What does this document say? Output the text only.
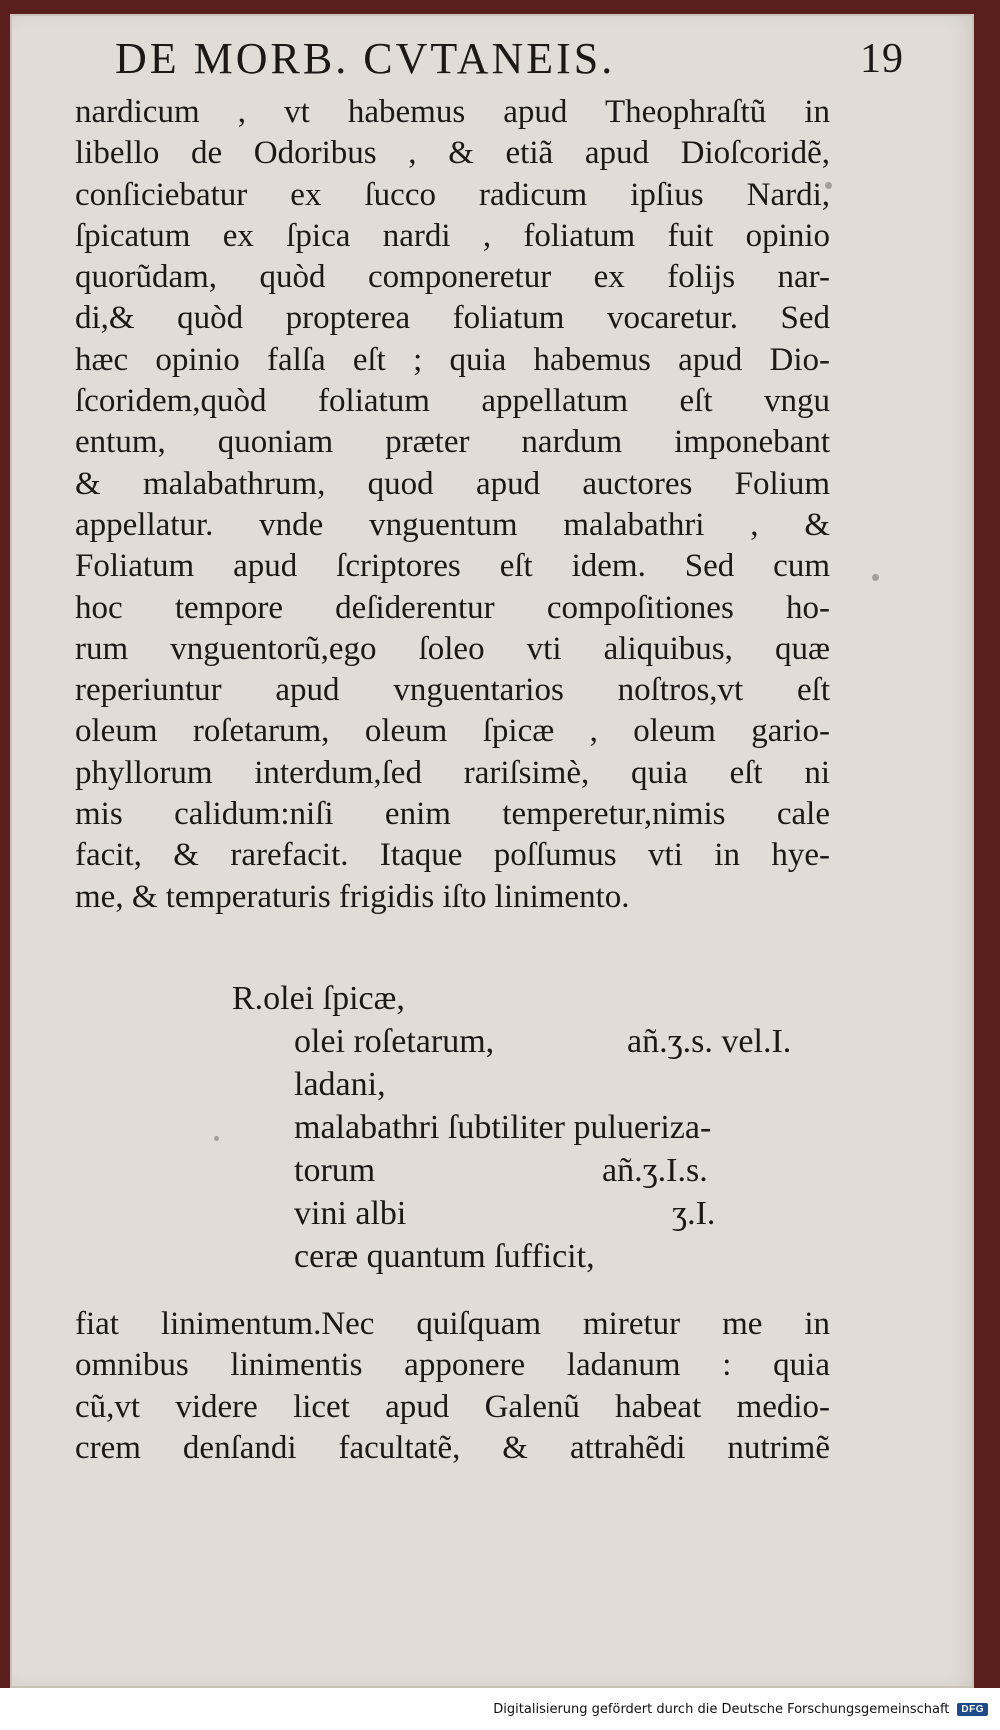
DE MORB. CVTANEIS.	19
nardicum , vt habemus apud Theophraſtũ in
libello de Odoribus , & etiã apud Dioſcoridẽ,
conſiciebatur ex ſucco radicum ipſius Nardi,
ſpicatum ex ſpica nardi , foliatum fuit opinio
quorũdam, quòd componeretur ex folijs nar-
di,& quòd propterea foliatum vocaretur. Sed
hæc opinio falſa eſt ; quia habemus apud Dio-
ſcoridem,quòd foliatum appellatum eſt vngu
entum, quoniam præter nardum imponebant
& malabathrum, quod apud auctores Folium
appellatur. vnde vnguentum malabathri , &
Foliatum apud ſcriptores eſt idem. Sed cum
hoc tempore deſiderentur compoſitiones ho-
rum vnguentorũ,ego ſoleo vti aliquibus, quæ
reperiuntur apud vnguentarios noſtros,vt eſt
oleum roſetarum, oleum ſpicæ , oleum gario-
phyllorum interdum,ſed rariſsimè, quia eſt ni
mis calidum:niſi enim temperetur,nimis cale
facit, & rarefacit. Itaque poſſumus vti in hye-
me, & temperaturis frigidis iſto linimento.
R.olei ſpicæ,
olei roſetarum,	añ.ʒ.s. vel.I.
ladani,
malabathri ſubtiliter pulueriza-
torum	añ.ʒ.I.s.
vini albi	ʒ.I.
ceræ quantum ſufficit,
fiat linimentum.Nec quiſquam miretur me in
omnibus linimentis apponere ladanum : quia
cũ,vt videre licet apud Galenũ habeat medio-
crem denſandi facultatẽ, & attrahẽdi nutrimẽ
Digitalisierung gefördert durch die Deutsche Forschungsgemeinschaft	DFG
